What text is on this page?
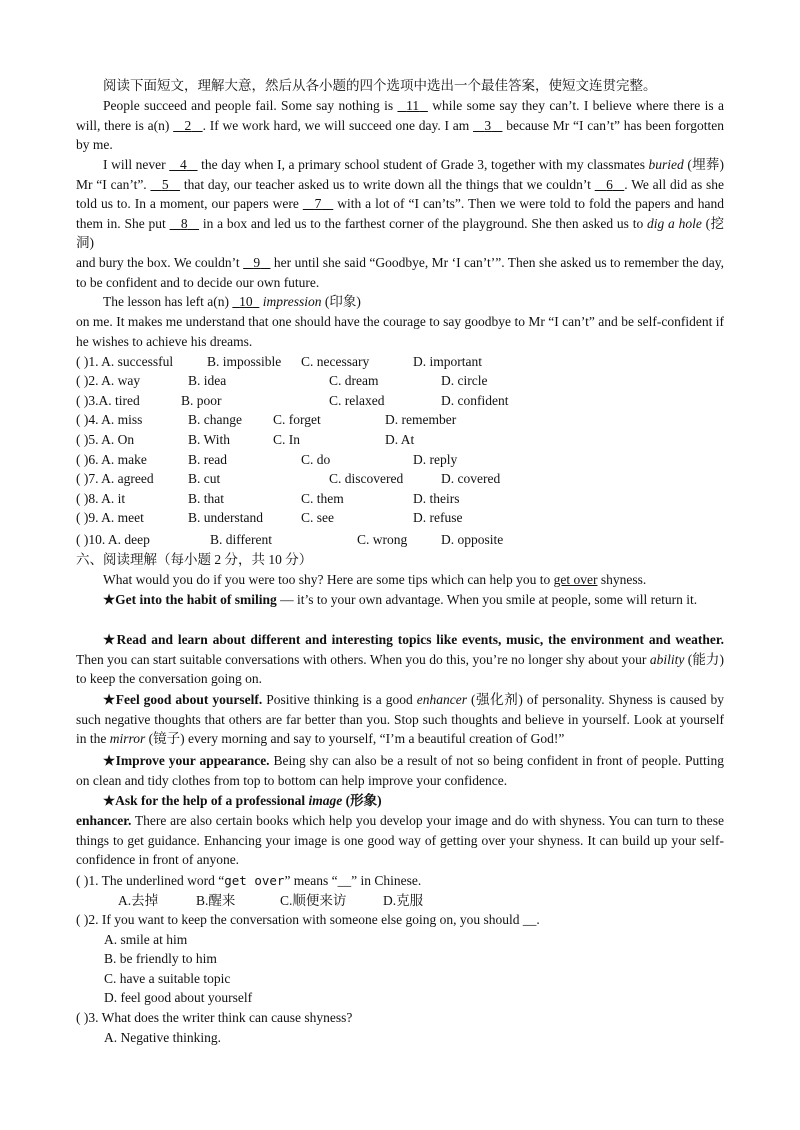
阅读下面短文，理解大意，然后从各小题的四个选项中选出一个最佳答案，使短文连贯完整。

People succeed and people fail. Some say nothing is   11   while some say they can’t. I believe where there is a will, there is a(n)    2 . If we work hard, we will succeed one day. I am    3    because Mr “I can’t” has been forgotten by me.

I will never    4    the day when I, a primary school student of Grade 3, together with my classmates buried (埋葬) Mr “I can’t”.    5    that day, our teacher asked us to write down all the things that we couldn’t    6 . We all did as she told us to. In a moment, our papers were    7    with a lot of “I can’ts”. Then we were told to fold the papers and hand them in. She put    8    in a box and led us to the farthest corner of the playground. She then asked us to dig a hole (挖洞)

and bury the box. We couldn’t    9    her until she said “Goodbye, Mr ‘I can’t’”. Then she asked us to remember the day, to be confident and to decide our own future.

The lesson has left a(n)   10 impression (印象)

on me. It makes me understand that one should have the courage to say goodbye to Mr “I can’t” and be self-confident if he wishes to achieve his dreams.

( )1. A. successful	B. impossible C. necessary	D. important
( )2. A. way	B. idea	C. dream	D. circle
( )3.A. tired	B. poor	C. relaxed	D. confident
( )4. A. miss	B. change C. forget	D. remember
( )5. A. On	B. With	C. In	D. At
( )6. A. make	B. read	C. do	D. reply
( )7. A. agreed	B. cut	C. discovered	D. covered
( )8. A. it	B. that	C. them	D. theirs
( )9. A. meet	B. understand	C. see	D. refuse
( )10. A. deep	B. different	C. wrong	D. opposite
六、阅读理解（每小题 2 分，共 10 分）

What would you do if you were too shy? Here are some tips which can help you to get over shyness.

★Get into the habit of smiling — it’s to your own advantage. When you smile at people, some will return it.

★Read and learn about different and interesting topics like events, music, the environment and weather. Then you can start suitable conversations with others. When you do this, you’re no longer shy about your ability (能力) to keep the conversation going on.

★Feel good about yourself. Positive thinking is a good enhancer (强化剂) of personality. Shyness is caused by such negative thoughts that others are far better than you. Stop such thoughts and believe in yourself. Look at yourself in the mirror (镜子) every morning and say to yourself, “I’m a beautiful creation of God!”

★Improve your appearance. Being shy can also be a result of not so being confident in front of people. Putting on clean and tidy clothes from top to bottom can help improve your confidence.

★Ask for the help of a professional image (形象)

enhancer. There are also certain books which help you develop your image and do with shyness. You can turn to these things to get guidance. Enhancing your image is one good way of getting over your shyness. It can build up your self-confidence in front of anyone.

( )1. The underlined word “get over” means “__” in Chinese.
A.去掉	B.醒来	C.顺便来访	D.克服
( )2. If you want to keep the conversation with someone else going on, you should __.
A. smile at him
B. be friendly to him
C. have a suitable topic
D. feel good about yourself
( )3. What does the writer think can cause shyness?
A. Negative thinking.
